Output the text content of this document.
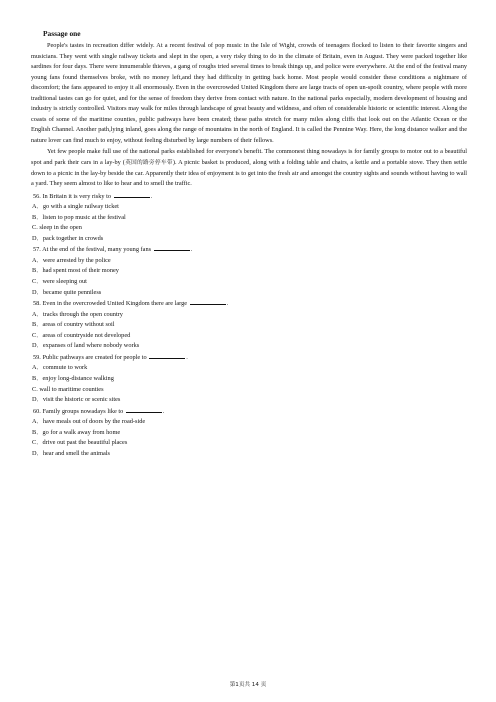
Passage one

People's tastes in recreation differ widely. At a recent festival of pop music in the Isle of Wight, crowds of teenagers flocked to listen to their favorite singers and musicians. They went with single railway tickets and slept in the open, a very risky thing to do in the climate of Britain, even in August. They were packed together like sardines for four days. There were innumerable thieves, a gang of roughs tried several times to break things up, and police were everywhere. At the end of the festival many young fans found themselves broke, with no money left,and they had difficulty in getting back home. Most people would consider these conditions a nightmare of discomfort; the fans appeared to enjoy it all enormously. Even in the overcrowded United Kingdom there are large tracts of open un-spoilt country, where people with more traditional tastes can go for quiet, and for the sense of freedom they derive from contact with nature. In the national parks especially, modern development of housing and industry is strictly controlled. Visitors may walk for miles through landscape of great beauty and wildness, and often of considerable historic or scientific interest. Along the coasts of some of the maritime counties, public pathways have been created; these paths stretch for many miles along cliffs that look out on the Atlantic Ocean or the English Channel. Another path,lying inland, goes along the range of mountains in the north of England. It is called the Pennine Way. Here, the long distance walker and the nature lover can find much to enjoy, without feeling disturbed by large numbers of their fellows.

Yet few people make full use of the national parks established for everyone's benefit. The commonest thing nowadays is for family groups to motor out to a beautiful spot and park their cars in a lay-by (英国的路旁停车带). A picnic basket is produced, along with a folding table and chairs, a kettle and a portable stove. They then settle down to a picnic in the lay-by beside the car. Apparently their idea of enjoyment is to get into the fresh air and amongst the country sights and sounds without having to wall a yard. They seem almost to like to hear and to smell the traffic.

56. In Britain it is very risky to	.

A．go with a single railway ticket

B．listen to pop music at the festival

C. sleep in the open

D．pack together in crowds

57. At the end of the festival, many young fans	.

A．were arrested by the police

B．had spent most of their money

C．were sleeping out

D．became quite penniless

58. Even in the overcrowded United Kingdom there are large	.

A．tracks through the open country

B．areas of country without soil

C．areas of countryside not developed

D．expanses of land where nobody works

59. Public pathways are created for people to	.

A．commute to work

B．enjoy long-distance walking

C. wall to maritime counties

D．visit the historic or scenic sites

60. Family groups nowadays like to	.

A．have meals out of doors by the road-side

B．go for a walk away from home

C．drive out past the beautiful places

D．hear and smell the animals

第1页共 14 页
